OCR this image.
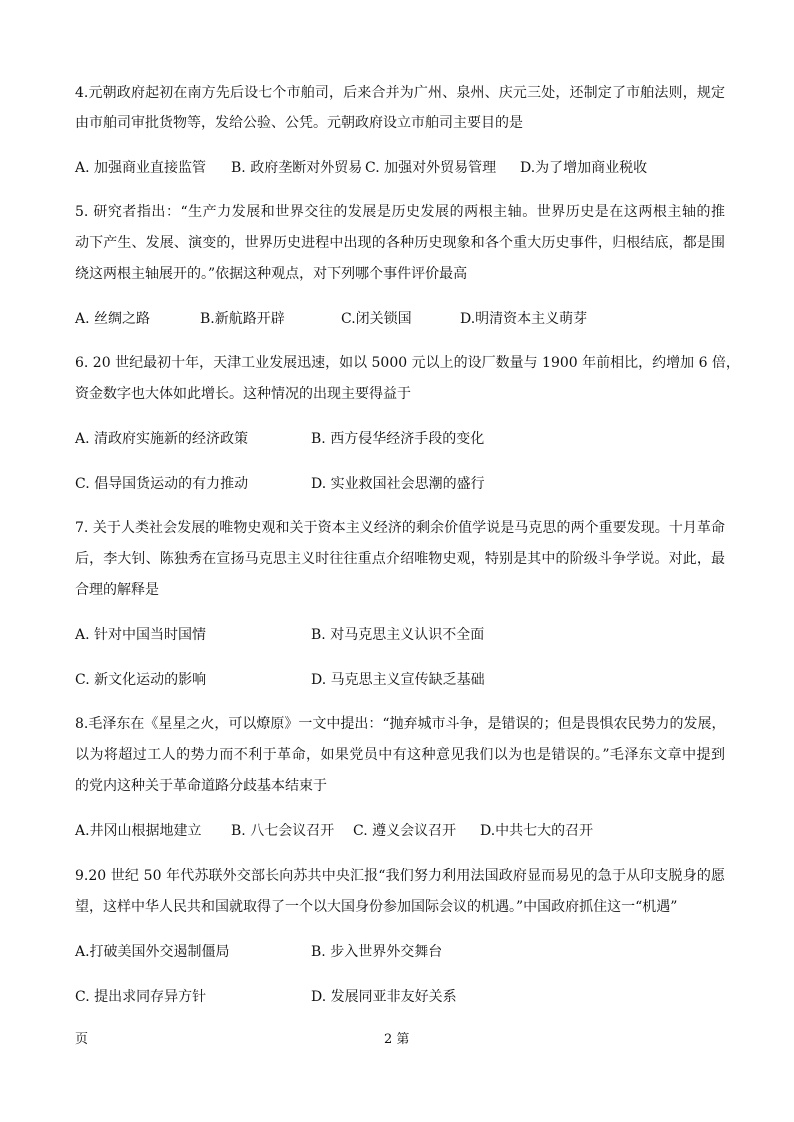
4.元朝政府起初在南方先后设七个市舶司，后来合并为广州、泉州、庆元三处，还制定了市舶法则，规定
由市舶司审批货物等，发给公验、公凭。元朝政府设立市舶司主要目的是
A. 加强商业直接监管 B. 政府垄断对外贸易 C. 加强对外贸易管理 D.为了增加商业税收
5. 研究者指出：“生产力发展和世界交往的发展是历史发展的两根主轴。世界历史是在这两根主轴的推
动下产生、发展、演变的，世界历史进程中出现的各种历史现象和各个重大历史事件，归根结底，都是围
绕这两根主轴展开的。”依据这种观点，对下列哪个事件评价最高
A. 丝绸之路	B.新航路开辟	C.闭关锁国	D.明清资本主义萌芽
6. 20 世纪最初十年，天津工业发展迅速，如以 5000 元以上的设厂数量与 1900 年前相比，约增加 6 倍，
资金数字也大体如此增长。这种情况的出现主要得益于
A. 清政府实施新的经济政策	B. 西方侵华经济手段的变化
C. 倡导国货运动的有力推动	D. 实业救国社会思潮的盛行
7. 关于人类社会发展的唯物史观和关于资本主义经济的剩余价值学说是马克思的两个重要发现。十月革命
后，李大钊、陈独秀在宣扬马克思主义时往往重点介绍唯物史观，特别是其中的阶级斗争学说。对此，最
合理的解释是
A. 针对中国当时国情	B. 对马克思主义认识不全面
C. 新文化运动的影响	D. 马克思主义宣传缺乏基础
8.毛泽东在《星星之火，可以燎原》一文中提出：“抛弃城市斗争，是错误的；但是畏惧农民势力的发展，
以为将超过工人的势力而不利于革命，如果党员中有这种意见我们以为也是错误的。”毛泽东文章中提到
的党内这种关于革命道路分歧基本结束于
A.井冈山根据地建立 B. 八七会议召开 C. 遵义会议召开 D.中共七大的召开
9.20 世纪 50 年代苏联外交部长向苏共中央汇报“我们努力利用法国政府显而易见的急于从印支脱身的愿
望，这样中华人民共和国就取得了一个以大国身份参加国际会议的机遇。”中国政府抓住这一“机遇”
A.打破美国外交遏制僵局	B. 步入世界外交舞台
C. 提出求同存异方针	D. 发展同亚非友好关系
页	2 第
